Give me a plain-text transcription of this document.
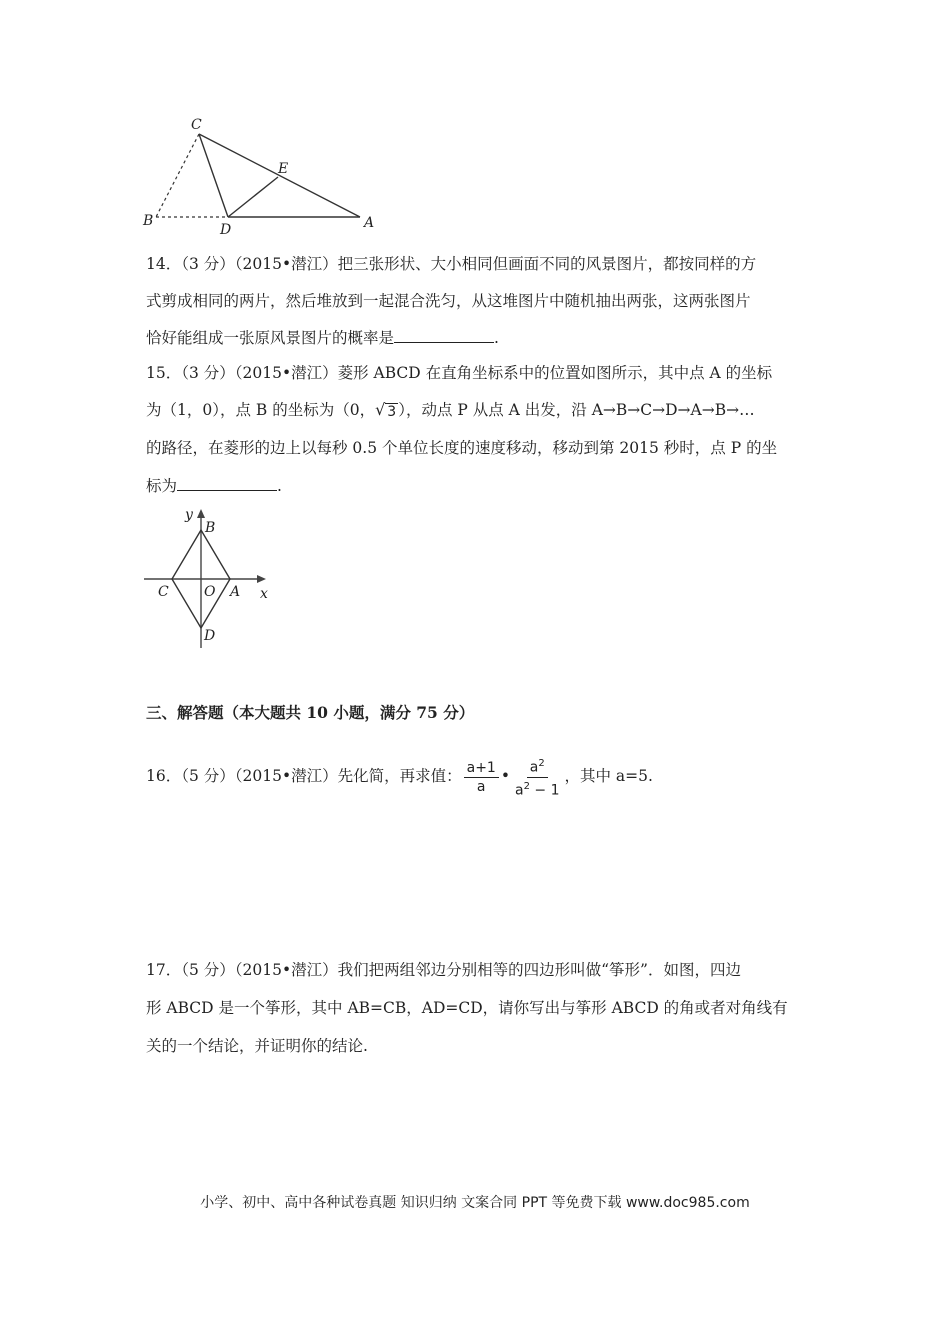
C
E
B
D	A
14．（3 分）（2015•潜江）把三张形状、大小相同但画面不同的风景图片，都按同样的方
式剪成相同的两片，然后堆放到一起混合洗匀，从这堆图片中随机抽出两张，这两张图片
恰好能组成一张原风景图片的概率是	.
15．（3 分）（2015•潜江）菱形 ABCD 在直角坐标系中的位置如图所示，其中点 A 的坐标
为（1，0），点 B 的坐标为（0， √ 3 ），动点 P 从点 A 出发，沿 A→B→C→D→A→B→…
的路径，在菱形的边上以每秒 0.5 个单位长度的速度移动，移动到第 2015 秒时，点 P 的坐
标为	.
y
B
C	O A x
D
三、解答题（本大题共 10 小题，满分 75 分）
16．（5 分）（2015•潜江）先化简，再求值： $\frac{a+1}{a}$ • $\frac{a^2}{a^2 - 1}$ ，其中 a=5.
17．（5 分）（2015•潜江）我们把两组邻边分别相等的四边形叫做“筝形”．如图，四边
形 ABCD 是一个筝形，其中 AB=CB，AD=CD，请你写出与筝形 ABCD 的角或者对角线有
关的一个结论，并证明你的结论.
小学、初中、高中各种试卷真题 知识归纳 文案合同 PPT 等免费下载 www.doc985.com
